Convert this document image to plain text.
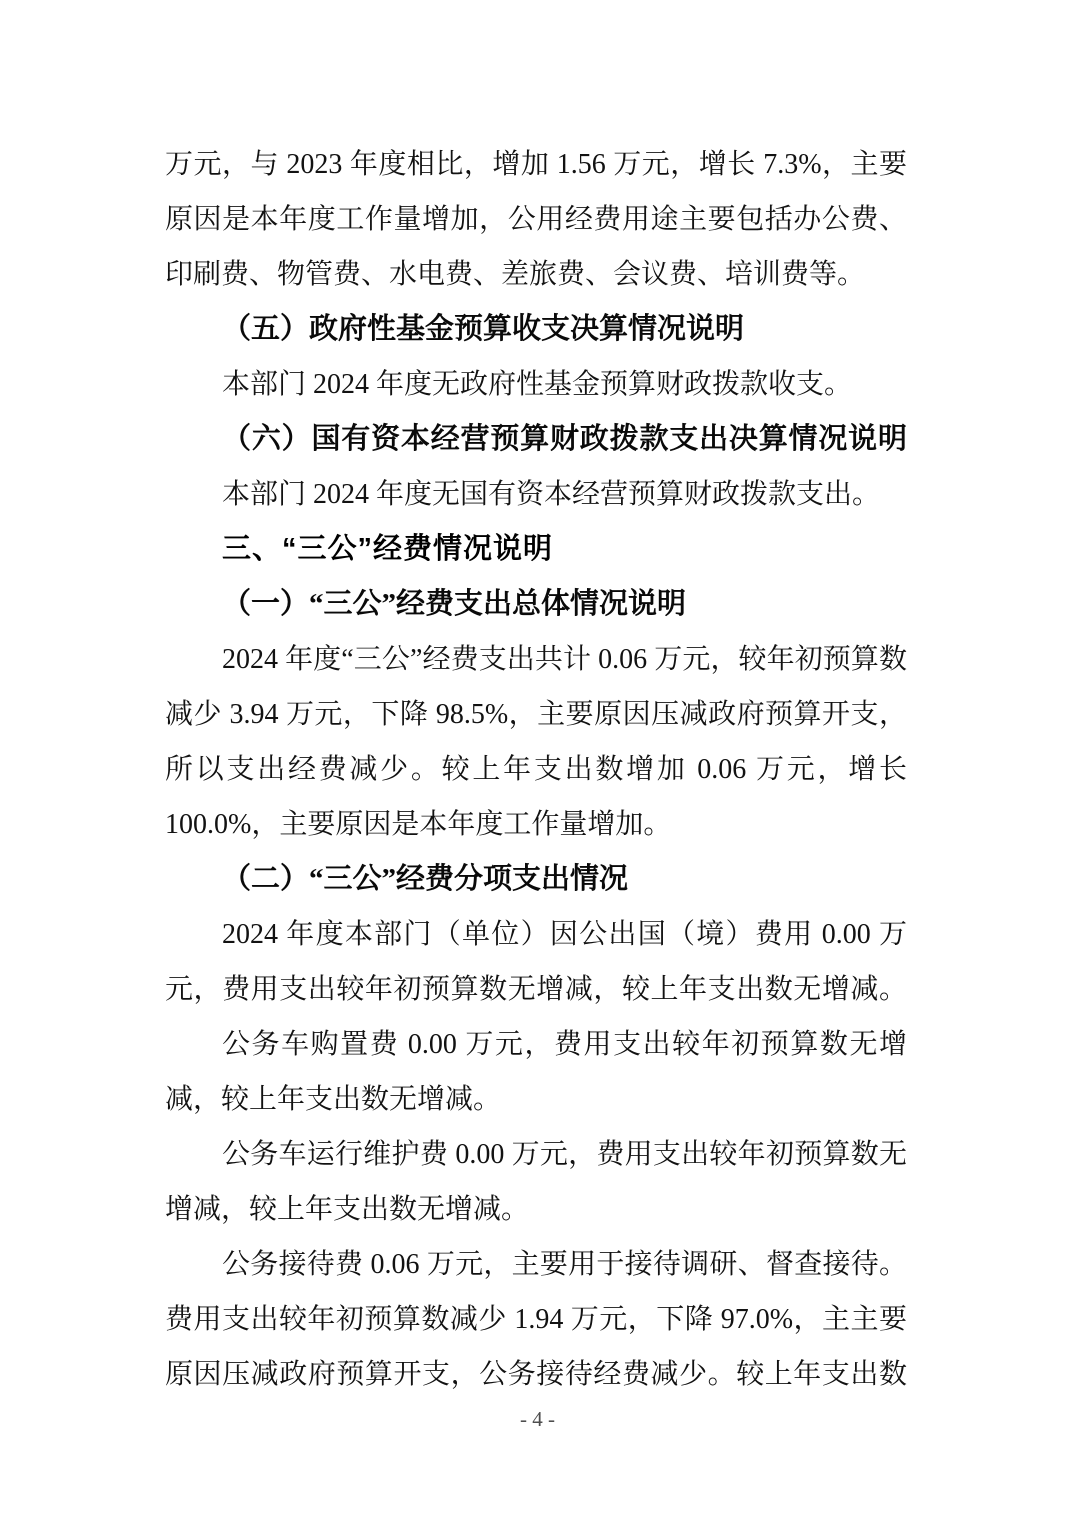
万元，与 2023 年度相比，增加 1.56 万元，增长 7.3%，主要
原因是本年度工作量增加，公用经费用途主要包括办公费、
印刷费、物管费、水电费、差旅费、会议费、培训费等。
（五）政府性基金预算收支决算情况说明
本部门 2024 年度无政府性基金预算财政拨款收支。
（六）国有资本经营预算财政拨款支出决算情况说明
本部门 2024 年度无国有资本经营预算财政拨款支出。
三、“三公”经费情况说明
（一）“三公”经费支出总体情况说明
2024 年度“三公”经费支出共计 0.06 万元，较年初预算数
减少 3.94 万元，下降 98.5%，主要原因压减政府预算开支，
所以支出经费减少。较上年支出数增加 0.06 万元，增长
100.0%，主要原因是本年度工作量增加。
（二）“三公”经费分项支出情况
2024 年度本部门（单位）因公出国（境）费用 0.00 万
元，费用支出较年初预算数无增减，较上年支出数无增减。
公务车购置费 0.00 万元，费用支出较年初预算数无增
减，较上年支出数无增减。
公务车运行维护费 0.00 万元，费用支出较年初预算数无
增减，较上年支出数无增减。
公务接待费 0.06 万元，主要用于接待调研、督查接待。
费用支出较年初预算数减少 1.94 万元，下降 97.0%，主主要
原因压减政府预算开支，公务接待经费减少。较上年支出数
- 4 -
